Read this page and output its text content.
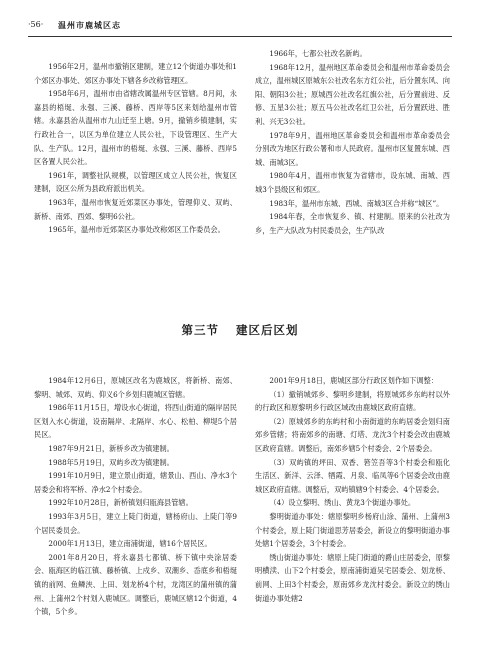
·56· 温州市鹿城区志

1956年2月，温州市撤销区建制，建立12个街道办事处和1个郊区办事处、郊区办事处下辖各乡改称管理区。

1958年6月，温州市由省辖改属温州专区管辖。8月间，永嘉县的梧埏、永强、三溪、藤桥、西岸等5区来划给温州市管辖。永嘉县治从温州市九山迁至上塘。9月，撤销乡镇建制，实行政社合一，以区为单位建立人民公社，下设管理区、生产大队、生产队。12月，温州市的梧埏、永强、三溪、藤桥、西岸5区各置人民公社。

1961年，调整社队规模，以管理区成立人民公社，恢复区建制，设区公所为县政府派出机关。

1963年，温州市恢复近郊菜区办事处，管理仰义、双屿、新桥、南郊、西郊、黎明6公社。

1965年，温州市近郊菜区办事处改称郊区工作委员会。

1966年，七都公社改名新屿。

1968年12月，温州地区革命委员会和温州市革命委员会成立，温州城区原城东公社改名东方红公社，后分置东风、向阳、朝阳3公社；原城西公社改名红旗公社，后分置前进、反修、五星3公社；原五马公社改名红卫公社，后分置跃进、胜利、兴无3公社。

1978年9月，温州地区革命委员会和温州市革命委员会分别改为地区行政公署和市人民政府。温州市区复置东城、西城、南城3区。

1980年4月，温州市恢复为省辖市，设东城、南城、西城3个县级区和郊区。

1983年，温州市东城、西城、南城3区合并称“城区”。

1984年春，全市恢复乡、镇、村建制。原来的公社改为乡，生产大队改为村民委员会，生产队改

第三节 建区后区划

1984年12月6日，原城区改名为鹿城区，将新桥、南郊、黎明、城郊、双屿、仰义6个乡划归鹿城区管辖。

1986年11月15日，增设水心街道，将西山街道的隔岸居民区划入水心街道，设南隔岸、北隔岸、水心、松柏、柳堤5个居民区。

1987年9月21日，新桥乡改为镇建制。

1988年5月19日，双屿乡改为镇建制。

1991年10月9日，建立景山街道，辖景山、西山、净水3个居委会和将军桥、净水2个村委会。

1992年10月28日，新桥镇划归瓯海县管辖。

1993年3月5日，建立上陡门街道，辖杨府山、上陡门等9个居民委员会。

2000年1月13日，建立南浦街道，辖16个居民区。

2001年8月20日，将永嘉县七都镇、桥下镇中央涂居委会、瓯海区的临江镇、藤桥镇、上戍乡、双潮乡、岙底乡和梧埏镇的前网、鱼鳞浃、上田、划龙桥4个村，龙湾区的蒲州镇的蒲州、上蒲州2个村划入鹿城区。调整后，鹿城区辖12个街道，4个镇，5个乡。

2001年9月18日，鹿城区部分行政区划作如下调整：

（1）撤销城郊乡、黎明乡建制，将原城郊乡东屿村以外的行政区和原黎明乡行政区域改由鹿城区政府直辖。

（2）原城郊乡的东屿村和小南街道的东屿居委会划归南郊乡管辖；将南郊乡的南塘、灯塔、龙沈3个村委会改由鹿城区政府直辖。调整后，南郊乡辖5个村委会、2个居委会。

（3）双屿镇的坪田、双香、箬笠吾等3个村委会和瓯化生活区、新洋、云泽、牺霞、月泉、临凤等6个居委会改由鹿城区政府直辖。调整后，双屿镇辖9个村委会、4个居委会。

（4）设立黎明、绣山、黄龙3个街道办事处。

黎明街道办事处：辖原黎明乡杨府山涂、蒲州、上蒲州3个村委会，原上陡门街道思芳居委会，新设立的黎明街道办事处辖1个居委会，3个村委会。

绣山街道办事处：辖原上陡门街道的爵山庄居委会，原黎明横渎、山下2个村委会，原南浦街道吴宅居委会、划龙桥、前网、上田3个村委会，原南郊乡龙沈村委会。新设立的绣山街道办事处辖2
